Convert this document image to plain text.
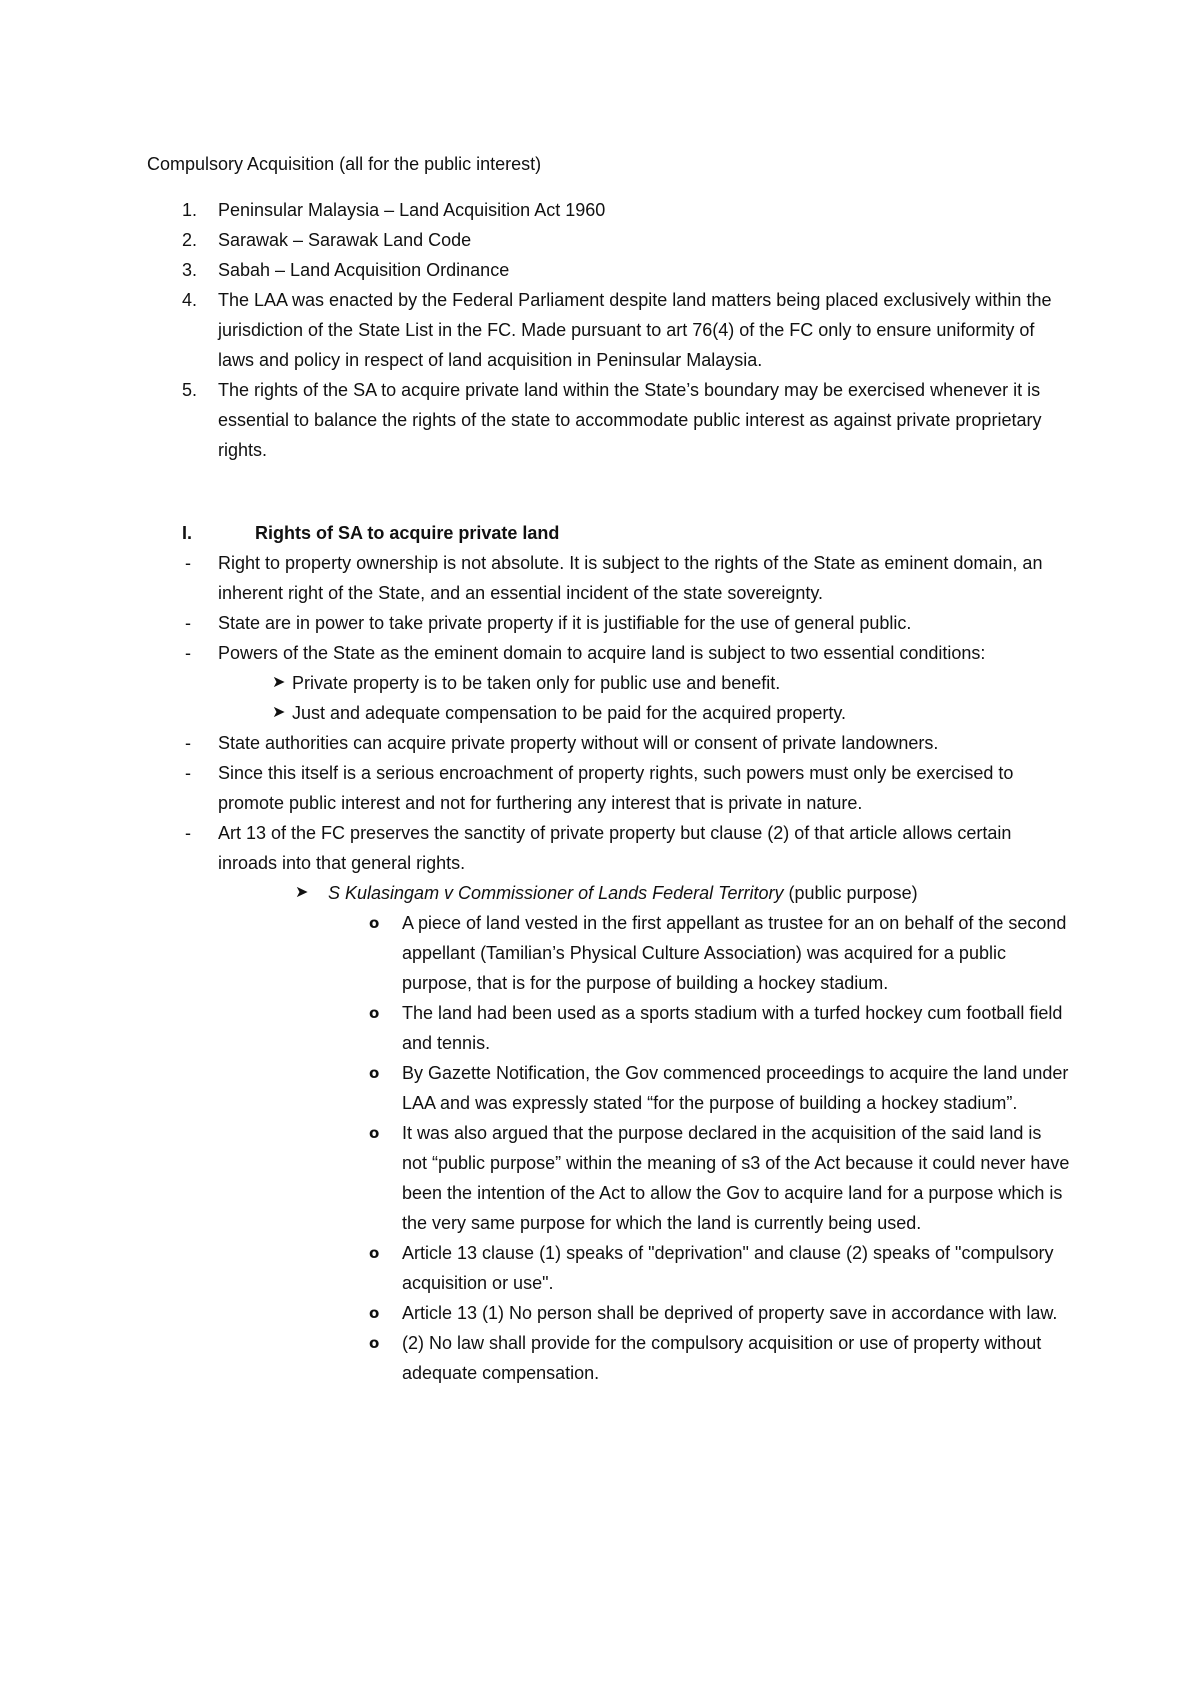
Compulsory Acquisition (all for the public interest)
1. Peninsular Malaysia – Land Acquisition Act 1960
2. Sarawak – Sarawak Land Code
3. Sabah – Land Acquisition Ordinance
4. The LAA was enacted by the Federal Parliament despite land matters being placed exclusively within the jurisdiction of the State List in the FC. Made pursuant to art 76(4) of the FC only to ensure uniformity of laws and policy in respect of land acquisition in Peninsular Malaysia.
5. The rights of the SA to acquire private land within the State’s boundary may be exercised whenever it is essential to balance the rights of the state to accommodate public interest as against private proprietary rights.
I.	Rights of SA to acquire private land
-	Right to property ownership is not absolute. It is subject to the rights of the State as eminent domain, an inherent right of the State, and an essential incident of the state sovereignty.
-	State are in power to take private property if it is justifiable for the use of general public.
-	Powers of the State as the eminent domain to acquire land is subject to two essential conditions:
➤ Private property is to be taken only for public use and benefit.
➤ Just and adequate compensation to be paid for the acquired property.
-	State authorities can acquire private property without will or consent of private landowners.
-	Since this itself is a serious encroachment of property rights, such powers must only be exercised to promote public interest and not for furthering any interest that is private in nature.
-	Art 13 of the FC preserves the sanctity of private property but clause (2) of that article allows certain inroads into that general rights.
➤	S Kulasingam v Commissioner of Lands Federal Territory (public purpose)
o	A piece of land vested in the first appellant as trustee for an on behalf of the second appellant (Tamilian’s Physical Culture Association) was acquired for a public purpose, that is for the purpose of building a hockey stadium.
o	The land had been used as a sports stadium with a turfed hockey cum football field and tennis.
o	By Gazette Notification, the Gov commenced proceedings to acquire the land under LAA and was expressly stated “for the purpose of building a hockey stadium”.
o	It was also argued that the purpose declared in the acquisition of the said land is not “public purpose” within the meaning of s3 of the Act because it could never have been the intention of the Act to allow the Gov to acquire land for a purpose which is the very same purpose for which the land is currently being used.
o	Article 13 clause (1) speaks of "deprivation" and clause (2) speaks of "compulsory acquisition or use".
o	Article 13 (1) No person shall be deprived of property save in accordance with law.
o	(2) No law shall provide for the compulsory acquisition or use of property without adequate compensation.
